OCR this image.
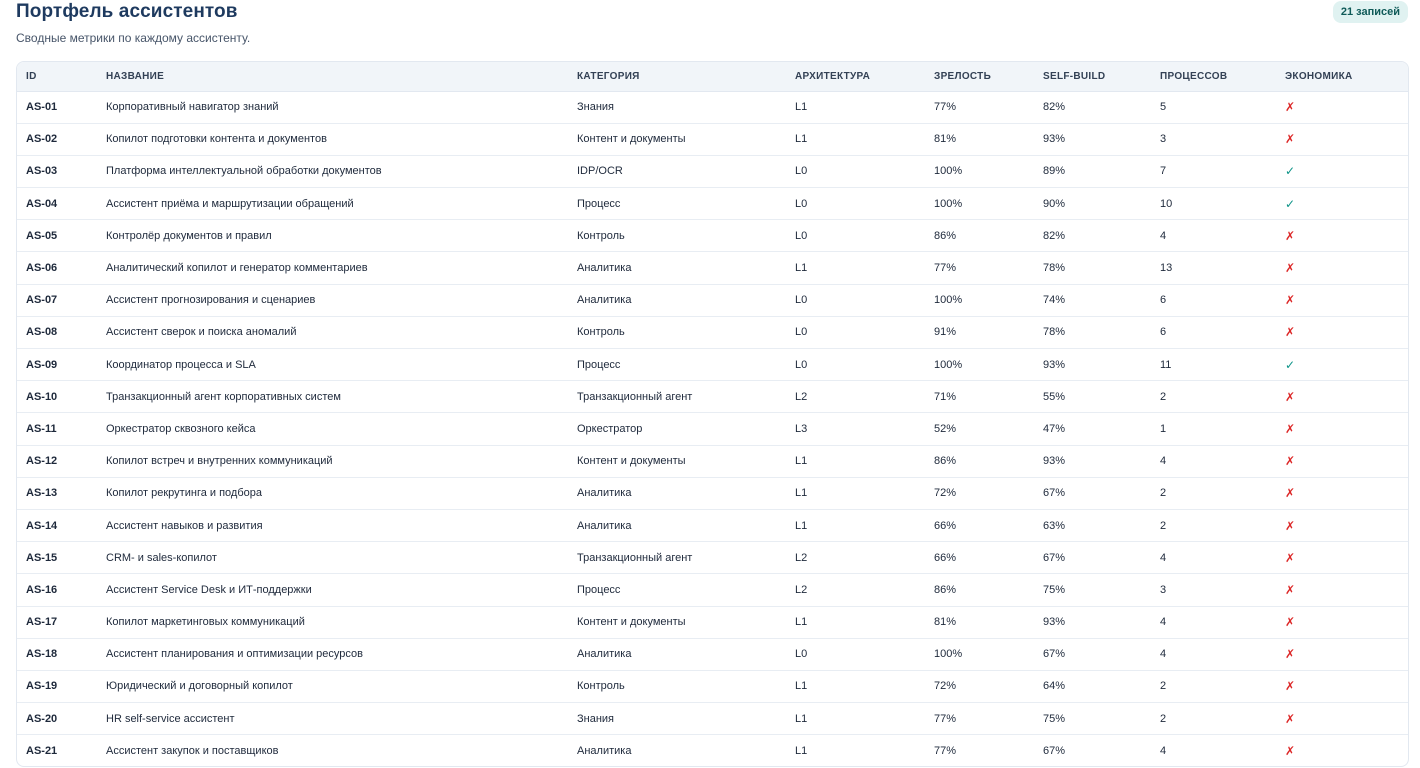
Портфель ассистентов
Сводные метрики по каждому ассистенту.
21 записей
ID	НАЗВАНИЕ	КАТЕГОРИЯ	АРХИТЕКТУРА	ЗРЕЛОСТЬ	SELF-BUILD	ПРОЦЕССОВ	ЭКОНОМИКА
AS-01	Корпоративный навигатор знаний	Знания	L1	77%	82%	5	✗
AS-02	Копилот подготовки контента и документов	Контент и документы	L1	81%	93%	3	✗
AS-03	Платформа интеллектуальной обработки документов	IDP/OCR	L0	100%	89%	7	✓
AS-04	Ассистент приёма и маршрутизации обращений	Процесс	L0	100%	90%	10	✓
AS-05	Контролёр документов и правил	Контроль	L0	86%	82%	4	✗
AS-06	Аналитический копилот и генератор комментариев	Аналитика	L1	77%	78%	13	✗
AS-07	Ассистент прогнозирования и сценариев	Аналитика	L0	100%	74%	6	✗
AS-08	Ассистент сверок и поиска аномалий	Контроль	L0	91%	78%	6	✗
AS-09	Координатор процесса и SLA	Процесс	L0	100%	93%	11	✓
AS-10	Транзакционный агент корпоративных систем	Транзакционный агент	L2	71%	55%	2	✗
AS-11	Оркестратор сквозного кейса	Оркестратор	L3	52%	47%	1	✗
AS-12	Копилот встреч и внутренних коммуникаций	Контент и документы	L1	86%	93%	4	✗
AS-13	Копилот рекрутинга и подбора	Аналитика	L1	72%	67%	2	✗
AS-14	Ассистент навыков и развития	Аналитика	L1	66%	63%	2	✗
AS-15	CRM- и sales-копилот	Транзакционный агент	L2	66%	67%	4	✗
AS-16	Ассистент Service Desk и ИТ-поддержки	Процесс	L2	86%	75%	3	✗
AS-17	Копилот маркетинговых коммуникаций	Контент и документы	L1	81%	93%	4	✗
AS-18	Ассистент планирования и оптимизации ресурсов	Аналитика	L0	100%	67%	4	✗
AS-19	Юридический и договорный копилот	Контроль	L1	72%	64%	2	✗
AS-20	HR self-service ассистент	Знания	L1	77%	75%	2	✗
AS-21	Ассистент закупок и поставщиков	Аналитика	L1	77%	67%	4	✗
